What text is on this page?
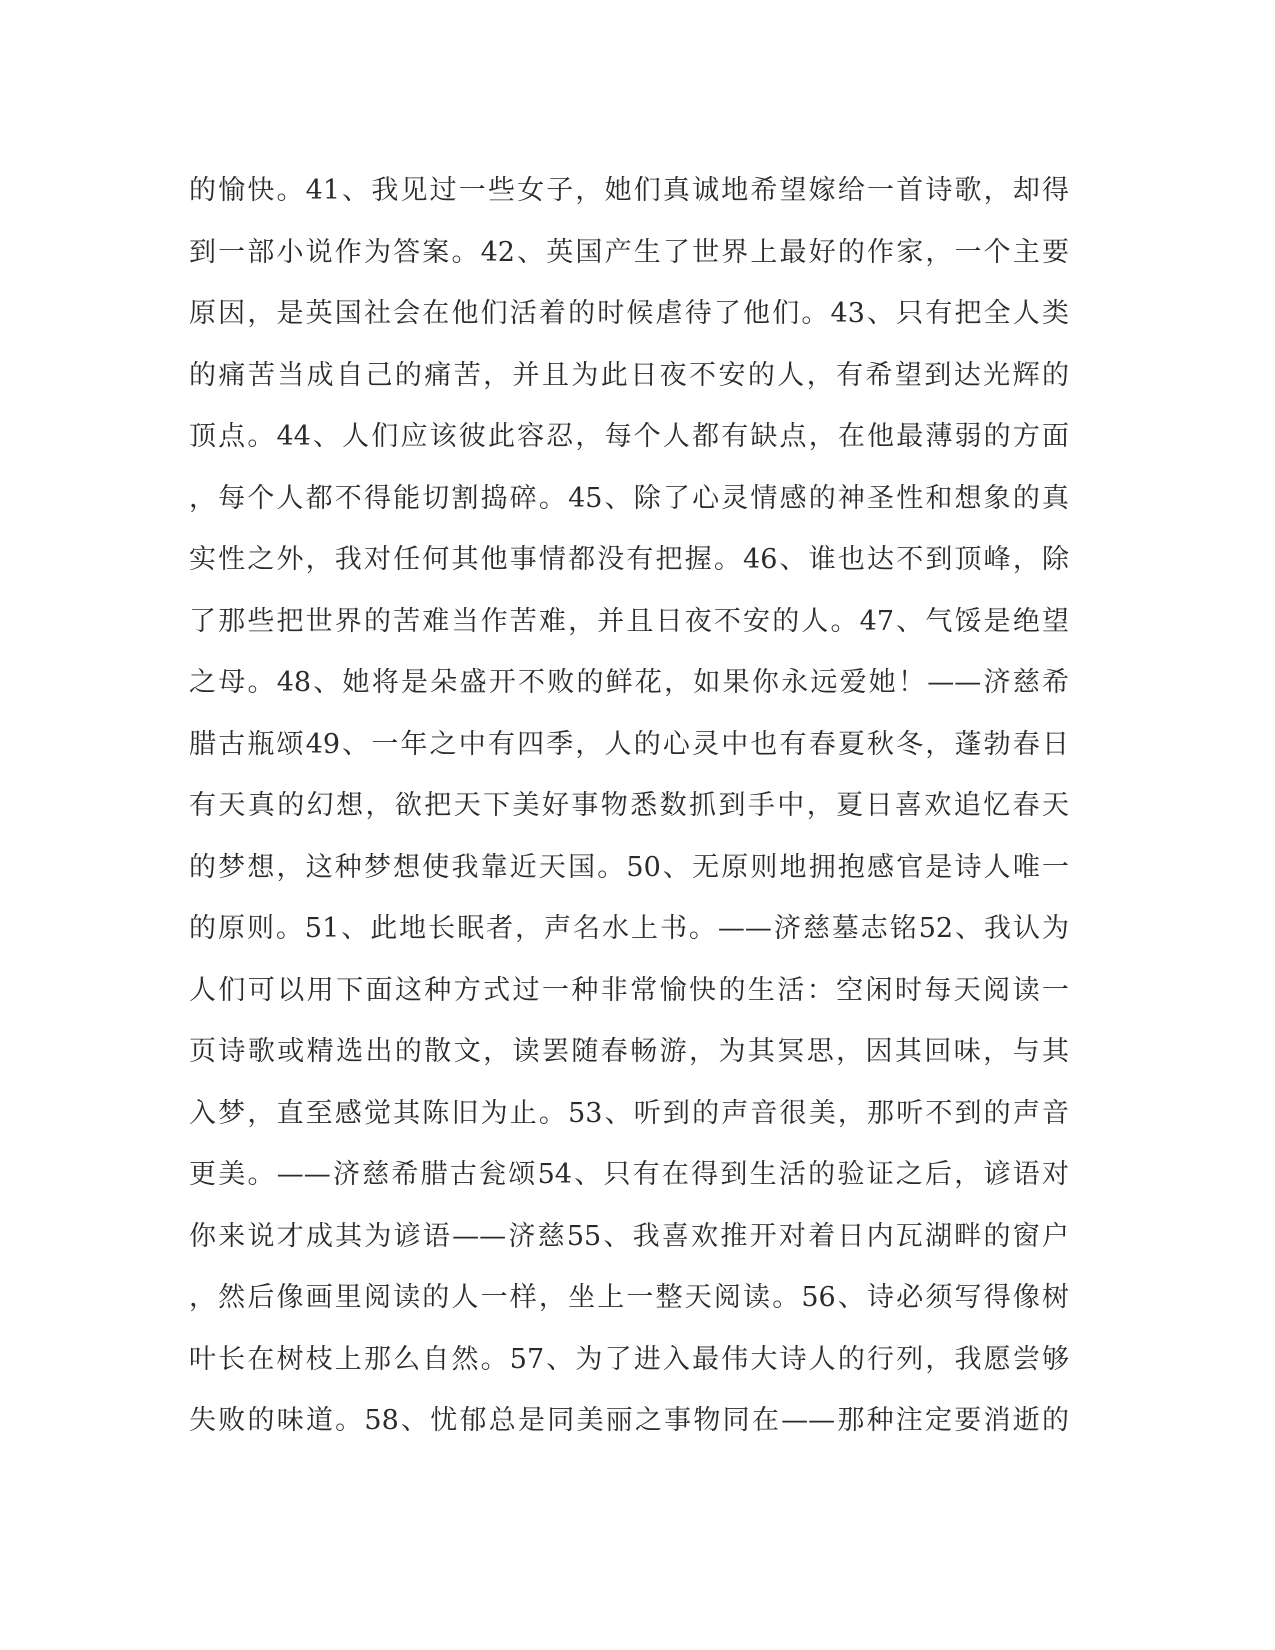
的愉快。41、我见过一些女子，她们真诚地希望嫁给一首诗歌，却得
到一部小说作为答案。42、英国产生了世界上最好的作家，一个主要
原因，是英国社会在他们活着的时候虐待了他们。43、只有把全人类
的痛苦当成自己的痛苦，并且为此日夜不安的人，有希望到达光辉的
顶点。44、人们应该彼此容忍，每个人都有缺点，在他最薄弱的方面
，每个人都不得能切割捣碎。45、除了心灵情感的神圣性和想象的真
实性之外，我对任何其他事情都没有把握。46、谁也达不到顶峰，除
了那些把世界的苦难当作苦难，并且日夜不安的人。47、气馁是绝望
之母。48、她将是朵盛开不败的鲜花，如果你永远爱她！——济慈希
腊古瓶颂49、一年之中有四季，人的心灵中也有春夏秋冬，蓬勃春日
有天真的幻想，欲把天下美好事物悉数抓到手中，夏日喜欢追忆春天
的梦想，这种梦想使我靠近天国。50、无原则地拥抱感官是诗人唯一
的原则。51、此地长眠者，声名水上书。——济慈墓志铭52、我认为
人们可以用下面这种方式过一种非常愉快的生活：空闲时每天阅读一
页诗歌或精选出的散文，读罢随春畅游，为其冥思，因其回味，与其
入梦，直至感觉其陈旧为止。53、听到的声音很美，那听不到的声音
更美。——济慈希腊古瓮颂54、只有在得到生活的验证之后，谚语对
你来说才成其为谚语——济慈55、我喜欢推开对着日内瓦湖畔的窗户
，然后像画里阅读的人一样，坐上一整天阅读。56、诗必须写得像树
叶长在树枝上那么自然。57、为了进入最伟大诗人的行列，我愿尝够
失败的味道。58、忧郁总是同美丽之事物同在——那种注定要消逝的
